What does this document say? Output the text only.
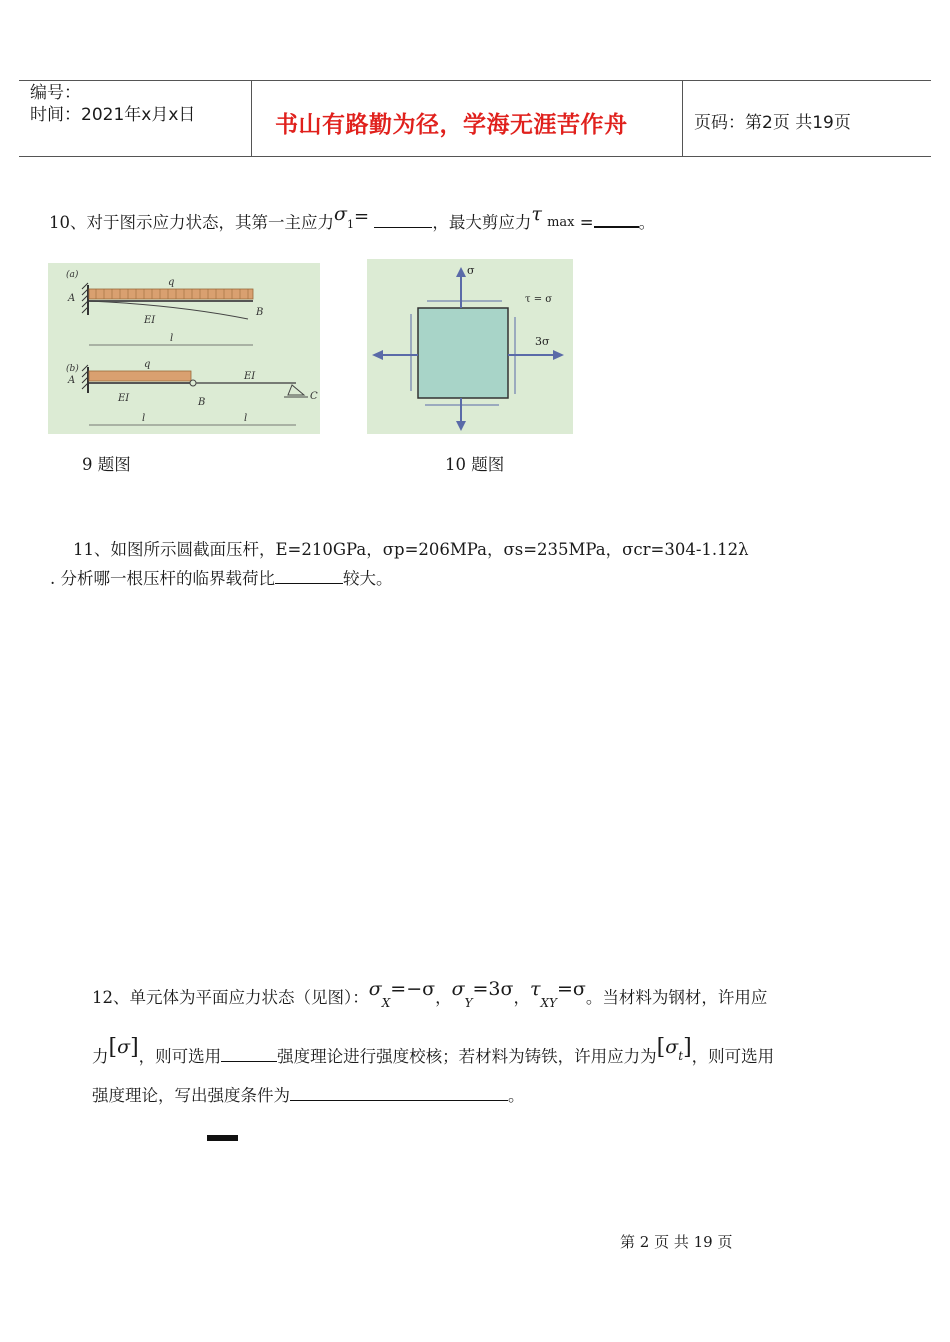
编号：
时间：2021年x月x日	书山有路勤为径，学海无涯苦作舟	页码：第2页 共19页
10、对于图示应力状态，其第一主应力σ1=	，最大剪应力τ max =	。
(a)
q
A
B
EI
l
(b)	q
A
B
C
EI
EI
l	l
σ
τ = σ
3σ
9 题图	10 题图
11、如图所示圆截面压杆，E=210GPa，σp=206MPa，σs=235MPa，σcr=304-1.12λ
. 分析哪一根压杆的临界载荷比	较大。
12、单元体为平面应力状态（见图）：$\sigma_X=-\sigma$，$\sigma_Y=3\sigma$，$\tau_{XY}=\sigma$。当材料为钢材，许用应
力[σ]，则可选用	强度理论进行强度校核；若材料为铸铁，许用应力为$[\sigma_t]$，则可选用
强度理论，写出强度条件为	。
第 2 页 共 19 页
